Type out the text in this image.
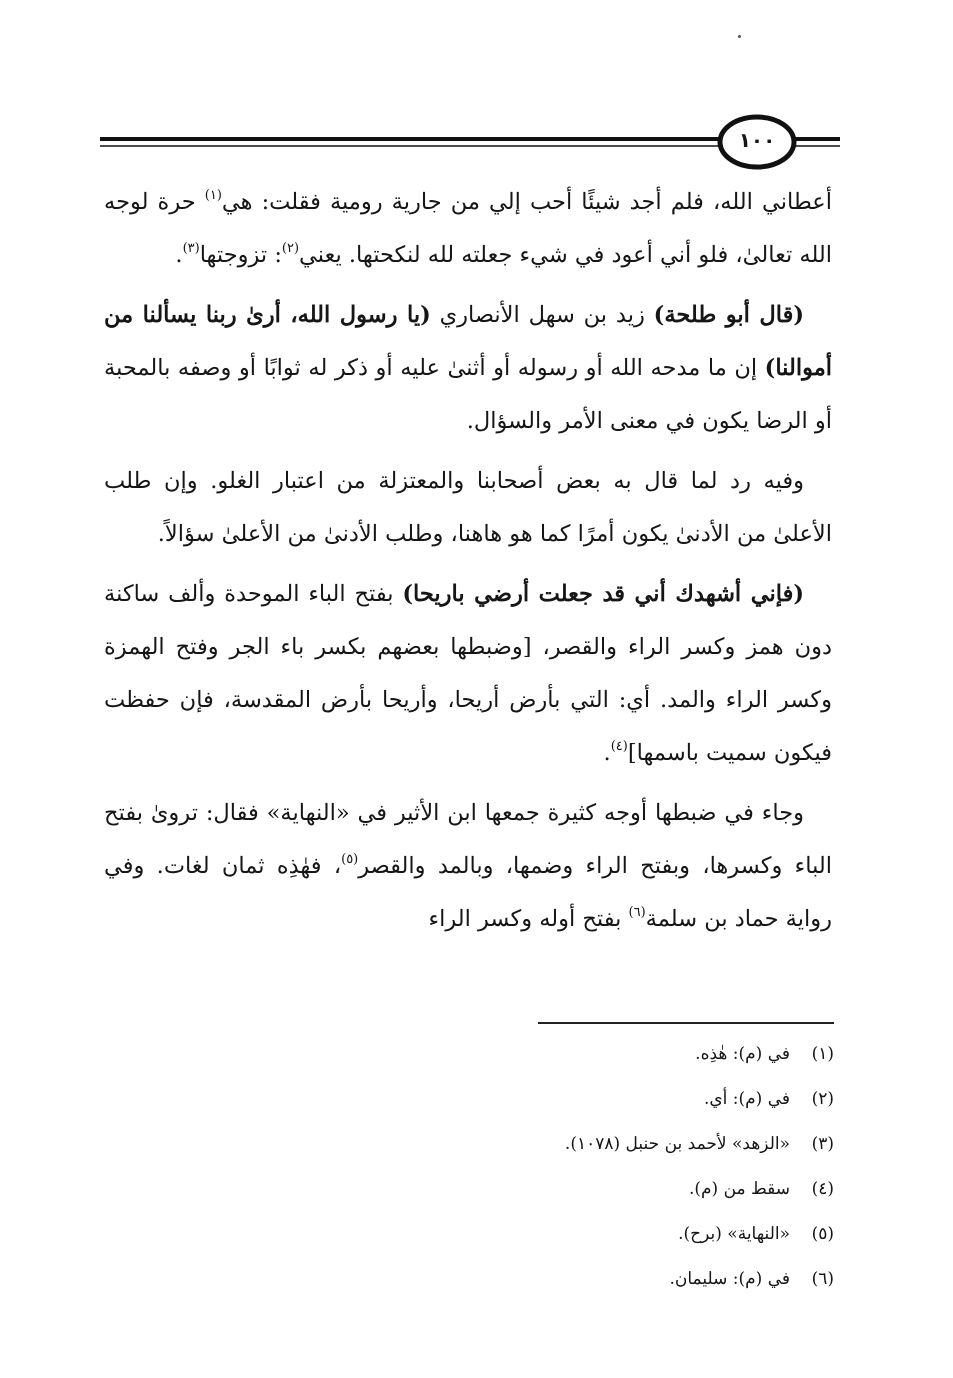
١٠٠

أعطاني الله، فلم أجد شيئًا أحب إلي من جارية رومية فقلت: هي$^{(١)}$ حرة لوجه الله تعالىٰ، فلو أني أعود في شيء جعلته لله لنكحتها. يعني$^{(٢)}$: تزوجتها$^{(٣)}$.

(قال أبو طلحة) زيد بن سهل الأنصاري (يا رسول الله، أرىٰ ربنا يسألنا من أموالنا) إن ما مدحه الله أو رسوله أو أثنىٰ عليه أو ذكر له ثوابًا أو وصفه بالمحبة أو الرضا يكون في معنى الأمر والسؤال.

وفيه رد لما قال به بعض أصحابنا والمعتزلة من اعتبار الغلو. وإن طلب الأعلىٰ من الأدنىٰ يكون أمرًا كما هو هاهنا، وطلب الأدنىٰ من الأعلىٰ سؤالاً.

(فإني أشهدك أني قد جعلت أرضي باريحا) بفتح الباء الموحدة وألف ساكنة دون همز وكسر الراء والقصر، [وضبطها بعضهم بكسر باء الجر وفتح الهمزة وكسر الراء والمد. أي: التي بأرض أريحا، وأريحا بأرض المقدسة، فإن حفظت فيكون سميت باسمها]$^{(٤)}$.

وجاء في ضبطها أوجه كثيرة جمعها ابن الأثير في «النهاية» فقال: ترویٰ بفتح الباء وكسرها، وبفتح الراء وضمها، وبالمد والقصر$^{(٥)}$، فهٰذِه ثمان لغات. وفي رواية حماد بن سلمة$^{(٦)}$ بفتح أوله وكسر الراء

(١)في (م): هٰذِه.
(٢)في (م): أي.
(٣)«الزهد» لأحمد بن حنبل (١٠٧٨).
(٤)سقط من (م).
(٥)«النهاية» (برح).
(٦)في (م): سليمان.
